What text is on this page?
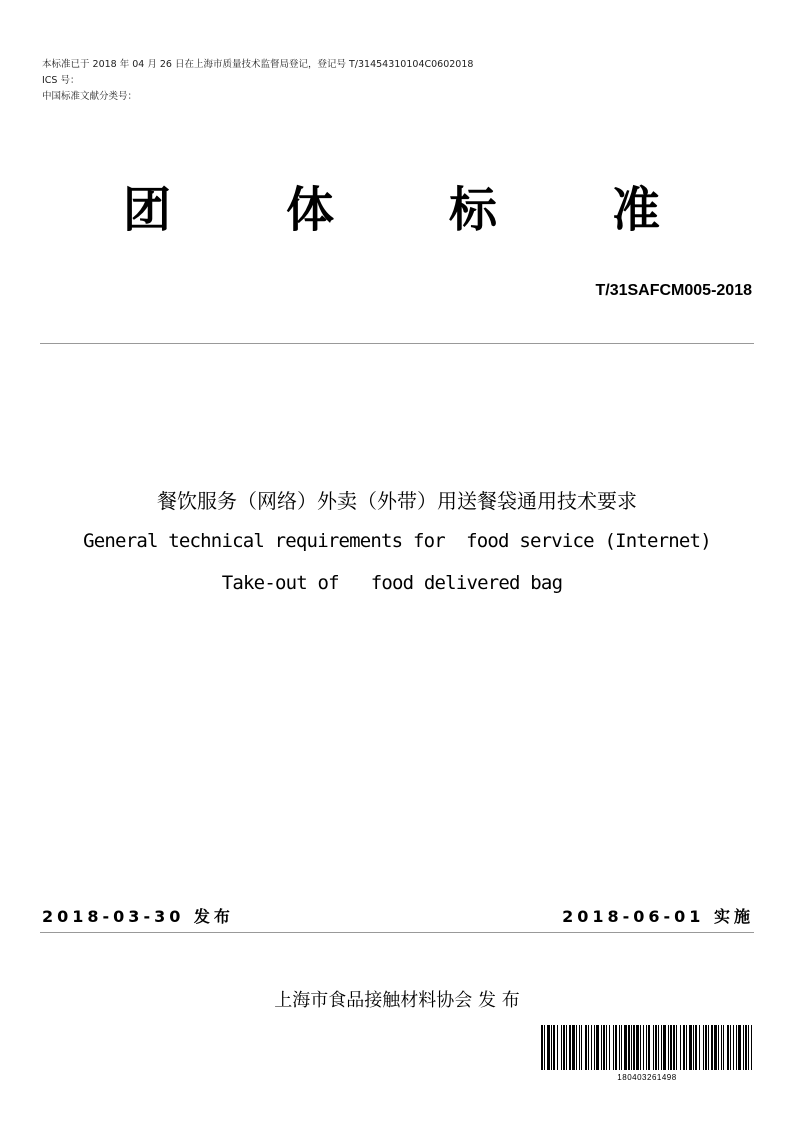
本标准已于 2018 年 04 月 26 日在上海市质量技术监督局登记，登记号 T/31454310104C0602018
ICS 号：
中国标准文献分类号：
团 体 标 准
T/31SAFCM005-2018
餐饮服务（网络）外卖（外带）用送餐袋通用技术要求
General technical requirements for  food service (Internet)
Take-out of   food delivered bag
2018-03-30 发布	2018-06-01 实施
上海市食品接触材料协会 发 布
180403261498
